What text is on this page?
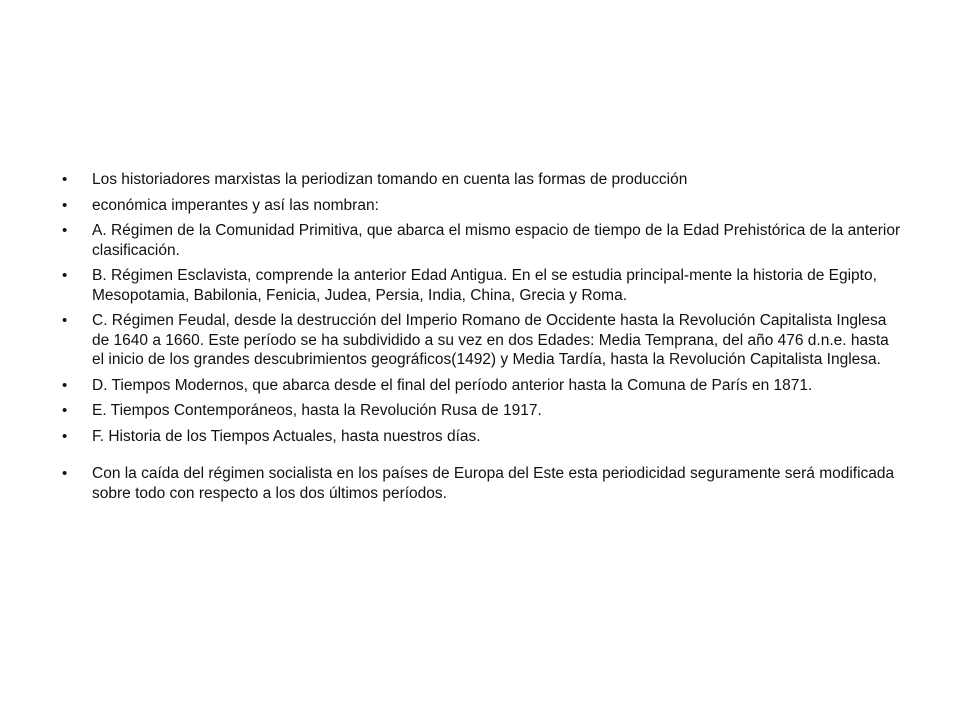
• Los historiadores marxistas la periodizan tomando en cuenta las formas de producción
• económica imperantes y así las nombran:
• A. Régimen de la Comunidad Primitiva, que abarca el mismo espacio de tiempo de la Edad Prehistórica de la anterior clasificación.
• B. Régimen Esclavista, comprende la anterior Edad Antigua. En el se estudia principal-mente la historia de Egipto, Mesopotamia, Babilonia, Fenicia, Judea, Persia, India, China, Grecia y Roma.
• C. Régimen Feudal, desde la destrucción del Imperio Romano de Occidente hasta la Revolución Capitalista Inglesa de 1640 a 1660. Este período se ha subdividido a su vez en dos Edades: Media Temprana, del año 476 d.n.e. hasta el inicio de los grandes descubrimientos geográficos(1492) y Media Tardía, hasta la Revolución Capitalista Inglesa.
• D. Tiempos Modernos, que abarca desde el final del período anterior hasta la Comuna de París en 1871.
• E. Tiempos Contemporáneos, hasta la Revolución Rusa de 1917.
• F. Historia de los Tiempos Actuales, hasta nuestros días.
• Con la caída del régimen socialista en los países de Europa del Este esta periodicidad seguramente será modificada sobre todo con respecto a los dos últimos períodos.
